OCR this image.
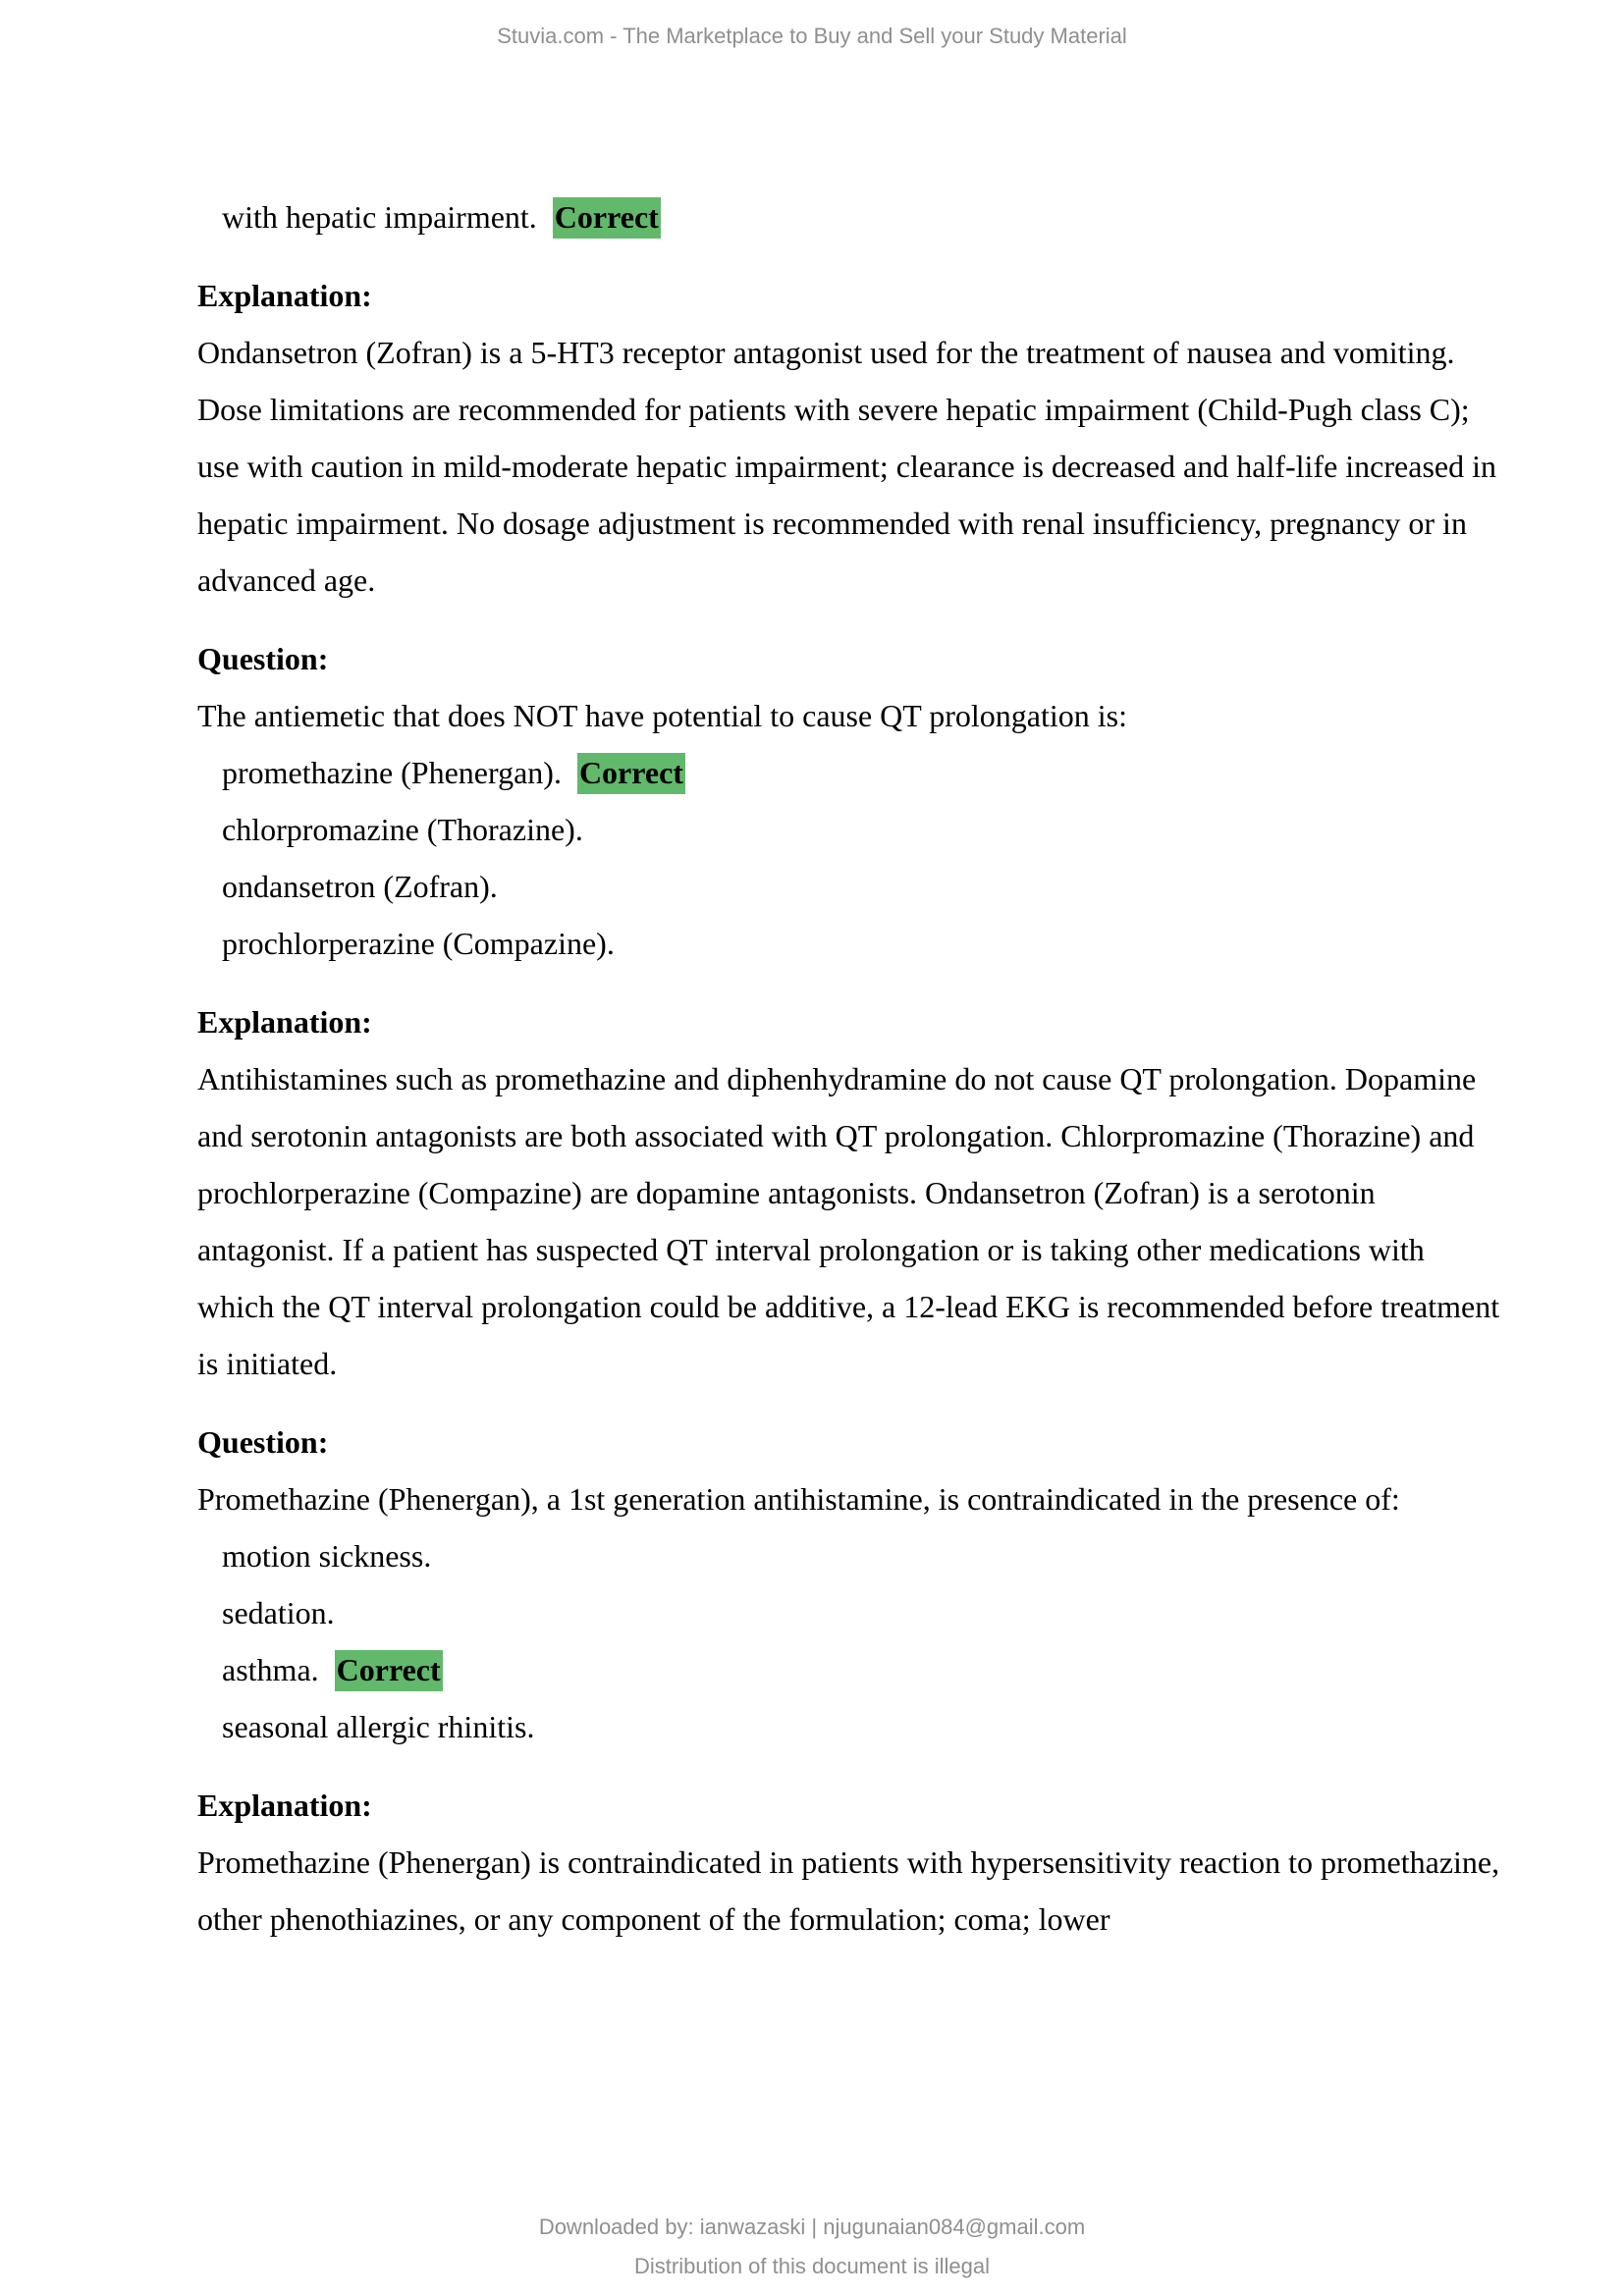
Stuvia.com - The Marketplace to Buy and Sell your Study Material
with hepatic impairment. Correct
Explanation:
Ondansetron (Zofran) is a 5-HT3 receptor antagonist used for the treatment of nausea and vomiting. Dose limitations are recommended for patients with severe hepatic impairment (Child-Pugh class C); use with caution in mild-moderate hepatic impairment; clearance is decreased and half-life increased in hepatic impairment. No dosage adjustment is recommended with renal insufficiency, pregnancy or in advanced age.
Question:
The antiemetic that does NOT have potential to cause QT prolongation is:
promethazine (Phenergan). Correct
chlorpromazine (Thorazine).
ondansetron (Zofran).
prochlorperazine (Compazine).
Explanation:
Antihistamines such as promethazine and diphenhydramine do not cause QT prolongation. Dopamine and serotonin antagonists are both associated with QT prolongation. Chlorpromazine (Thorazine) and prochlorperazine (Compazine) are dopamine antagonists. Ondansetron (Zofran) is a serotonin antagonist. If a patient has suspected QT interval prolongation or is taking other medications with which the QT interval prolongation could be additive, a 12-lead EKG is recommended before treatment is initiated.
Question:
Promethazine (Phenergan), a 1st generation antihistamine, is contraindicated in the presence of:
motion sickness.
sedation.
asthma. Correct
seasonal allergic rhinitis.
Explanation:
Promethazine (Phenergan) is contraindicated in patients with hypersensitivity reaction to promethazine, other phenothiazines, or any component of the formulation; coma; lower
Downloaded by: ianwazaski | njugunaian084@gmail.com
Distribution of this document is illegal
